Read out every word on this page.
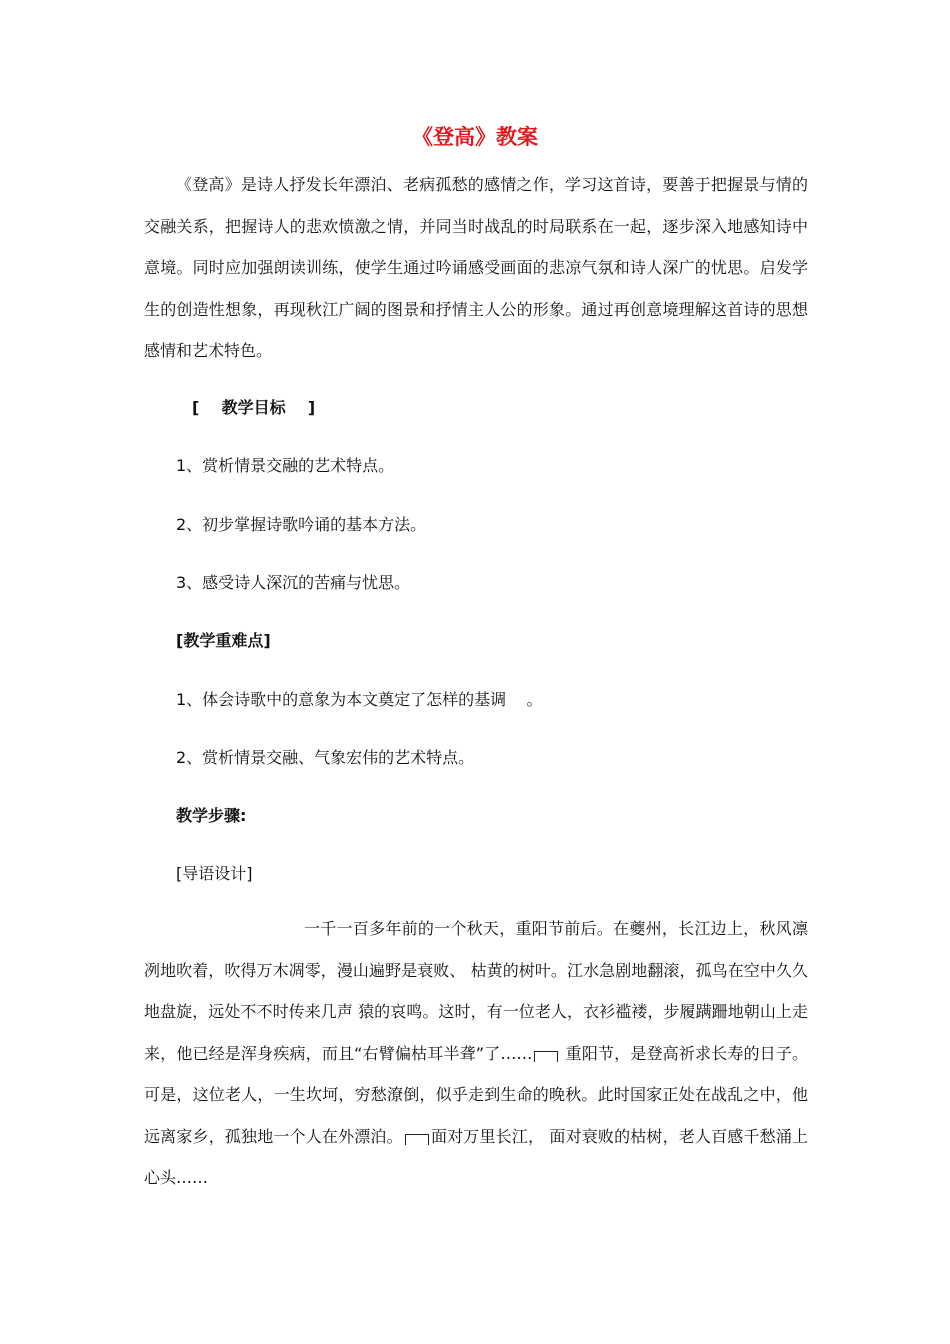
《登高》教案
《登高》是诗人抒发长年漂泊、老病孤愁的感情之作，学习这首诗，要善于把握景与情的交融关系，把握诗人的悲欢愤激之情，并同当时战乱的时局联系在一起，逐步深入地感知诗中意境。同时应加强朗读训练，使学生通过吟诵感受画面的悲凉气氛和诗人深广的忧思。启发学生的创造性想象，再现秋江广阔的图景和抒情主人公的形象。通过再创意境理解这首诗的思想感情和艺术特色。
[    教学目标    ]
1、赏析情景交融的艺术特点。
2、初步掌握诗歌吟诵的基本方法。
3、感受诗人深沉的苦痛与忧思。
[教学重难点]
1、体会诗歌中的意象为本文奠定了怎样的基调    。
2、赏析情景交融、气象宏伟的艺术特点。
教学步骤:
[导语设计]
一千一百多年前的一个秋天，重阳节前后。在夔州，长江边上，秋风凛冽地吹着，吹得万木凋零，漫山遍野是衰败、 枯黄的树叶。江水急剧地翻滚，孤鸟在空中久久地盘旋，远处不不时传来几声 猿的哀鸣。这时，有一位老人，衣衫褴褛，步履蹒跚地朝山上走来，他已经是浑身疾病，而且“右臂偏枯耳半聋”了…… 重阳节，是登高祈求长寿的日子。可是，这位老人，一生坎坷，穷愁潦倒，似乎走到生命的晚秋。此时国家正处在战乱之中，他远离家乡，孤独地一个人在外漂泊。 面对万里长江， 面对衰败的枯树，老人百感千愁涌上心头……
